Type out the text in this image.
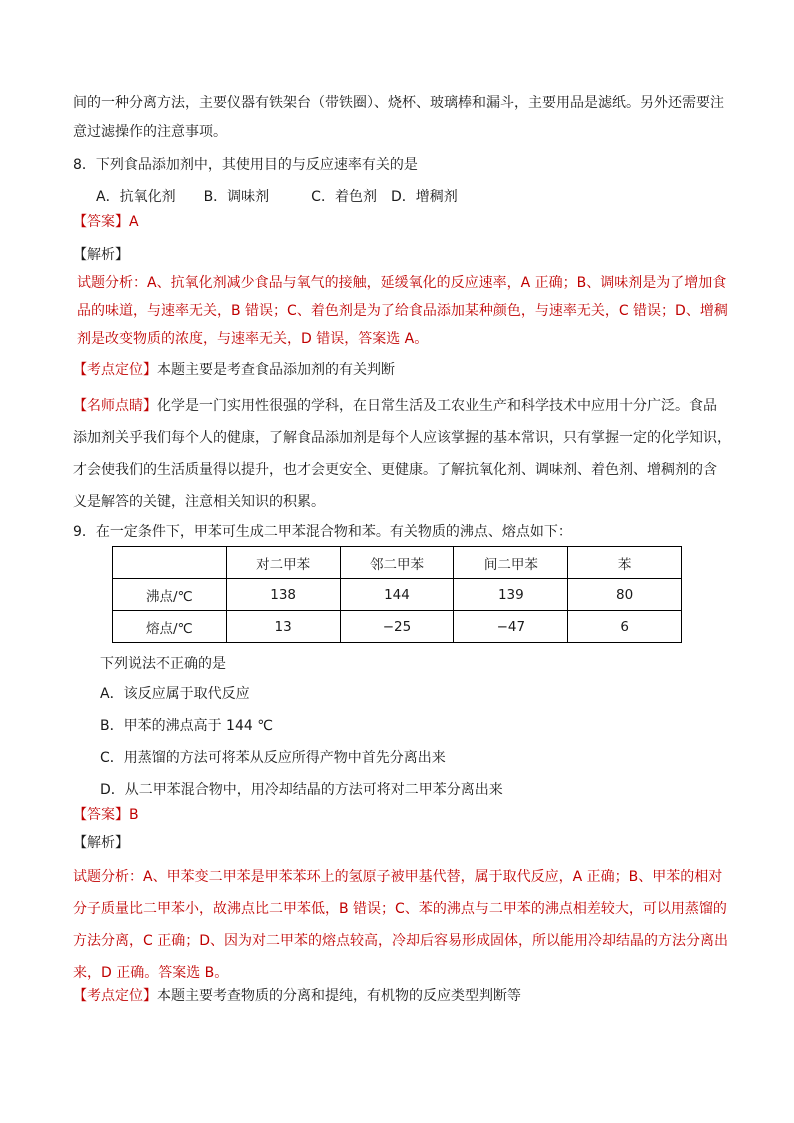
间的一种分离方法，主要仪器有铁架台（带铁圈）、烧杯、玻璃棒和漏斗，主要用品是滤纸。另外还需要注
意过滤操作的注意事项。
8．下列食品添加剂中，其使用目的与反应速率有关的是
A．抗氧化剂　　B．调味剂　　　C．着色剂　D．增稠剂
【答案】A
【解析】
试题分析：A、抗氧化剂减少食品与氧气的接触，延缓氧化的反应速率，A 正确；B、调味剂是为了增加食
品的味道，与速率无关，B 错误；C、着色剂是为了给食品添加某种颜色，与速率无关，C 错误；D、增稠
剂是改变物质的浓度，与速率无关，D 错误，答案选 A。
【考点定位】本题主要是考查食品添加剂的有关判断
【名师点睛】化学是一门实用性很强的学科，在日常生活及工农业生产和科学技术中应用十分广泛。食品
添加剂关乎我们每个人的健康，了解食品添加剂是每个人应该掌握的基本常识，只有掌握一定的化学知识，
才会使我们的生活质量得以提升，也才会更安全、更健康。了解抗氧化剂、调味剂、着色剂、增稠剂的含
义是解答的关键，注意相关知识的积累。
9．在一定条件下，甲苯可生成二甲苯混合物和苯。有关物质的沸点、熔点如下：
	对二甲苯	邻二甲苯	间二甲苯	苯
沸点/℃	138	144	139	80
熔点/℃	13	−25	−47	6
下列说法不正确的是
A．该反应属于取代反应
B．甲苯的沸点高于 144 ℃
C．用蒸馏的方法可将苯从反应所得产物中首先分离出来
D．从二甲苯混合物中，用冷却结晶的方法可将对二甲苯分离出来
【答案】B
【解析】
试题分析：A、甲苯变二甲苯是甲苯苯环上的氢原子被甲基代替，属于取代反应，A 正确；B、甲苯的相对
分子质量比二甲苯小，故沸点比二甲苯低，B 错误；C、苯的沸点与二甲苯的沸点相差较大，可以用蒸馏的
方法分离，C 正确；D、因为对二甲苯的熔点较高，冷却后容易形成固体，所以能用冷却结晶的方法分离出
来，D 正确。答案选 B。
【考点定位】本题主要考查物质的分离和提纯，有机物的反应类型判断等
